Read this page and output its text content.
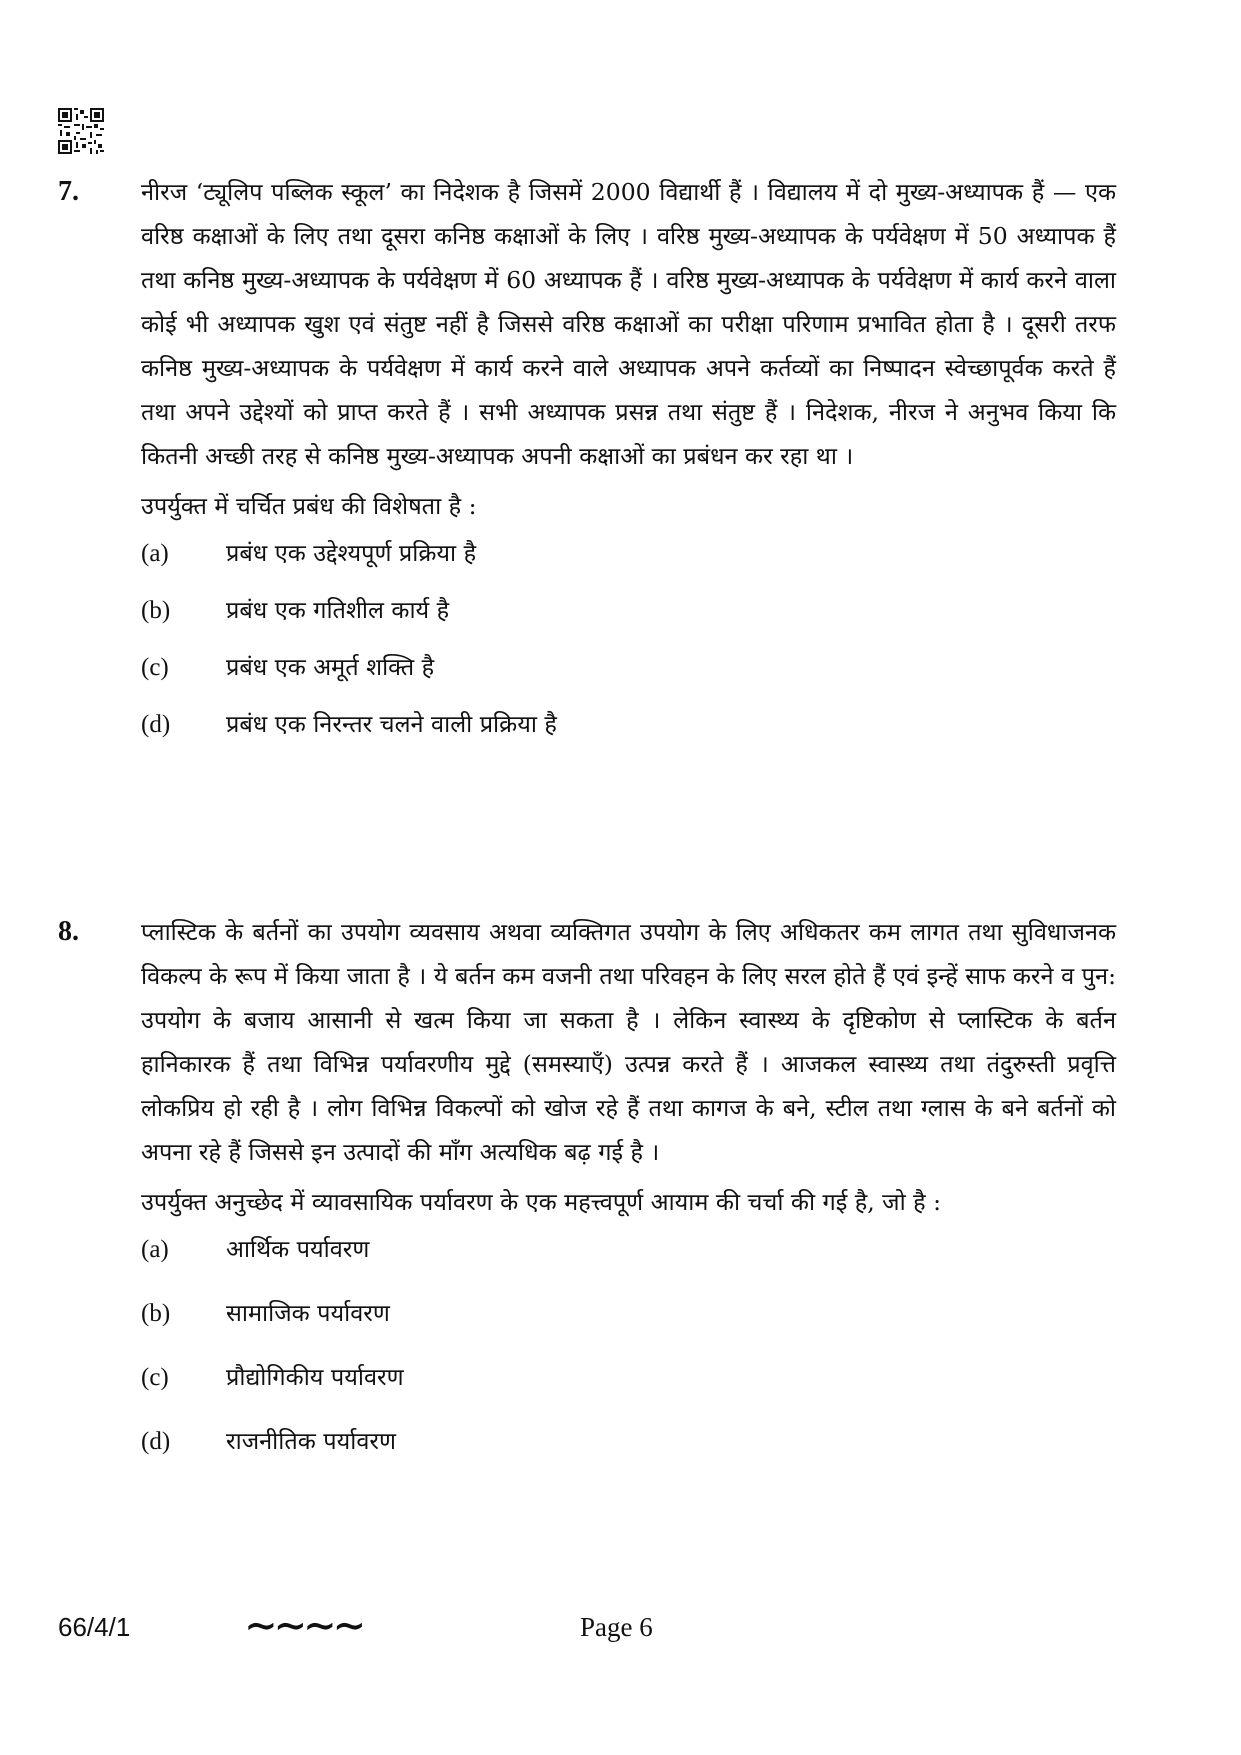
7.	नीरज ‘ट्यूलिप पब्लिक स्कूल’ का निदेशक है जिसमें 2000 विद्यार्थी हैं । विद्यालय में दो मुख्य-अध्यापक हैं — एक वरिष्ठ कक्षाओं के लिए तथा दूसरा कनिष्ठ कक्षाओं के लिए । वरिष्ठ मुख्य-अध्यापक के पर्यवेक्षण में 50 अध्यापक हैं तथा कनिष्ठ मुख्य-अध्यापक के पर्यवेक्षण में 60 अध्यापक हैं । वरिष्ठ मुख्य-अध्यापक के पर्यवेक्षण में कार्य करने वाला कोई भी अध्यापक खुश एवं संतुष्ट नहीं है जिससे वरिष्ठ कक्षाओं का परीक्षा परिणाम प्रभावित होता है । दूसरी तरफ कनिष्ठ मुख्य-अध्यापक के पर्यवेक्षण में कार्य करने वाले अध्यापक अपने कर्तव्यों का निष्पादन स्वेच्छापूर्वक करते हैं तथा अपने उद्देश्यों को प्राप्त करते हैं । सभी अध्यापक प्रसन्न तथा संतुष्ट हैं । निदेशक, नीरज ने अनुभव किया कि कितनी अच्छी तरह से कनिष्ठ मुख्य-अध्यापक अपनी कक्षाओं का प्रबंधन कर रहा था ।

उपर्युक्त में चर्चित प्रबंध की विशेषता है :

(a)	प्रबंध एक उद्देश्यपूर्ण प्रक्रिया है
(b)	प्रबंध एक गतिशील कार्य है
(c)	प्रबंध एक अमूर्त शक्ति है
(d)	प्रबंध एक निरन्तर चलने वाली प्रक्रिया है
8.	प्लास्टिक के बर्तनों का उपयोग व्यवसाय अथवा व्यक्तिगत उपयोग के लिए अधिकतर कम लागत तथा सुविधाजनक विकल्प के रूप में किया जाता है । ये बर्तन कम वजनी तथा परिवहन के लिए सरल होते हैं एवं इन्हें साफ करने व पुन: उपयोग के बजाय आसानी से खत्म किया जा सकता है । लेकिन स्वास्थ्य के दृष्टिकोण से प्लास्टिक के बर्तन हानिकारक हैं तथा विभिन्न पर्यावरणीय मुद्दे (समस्याएँ) उत्पन्न करते हैं । आजकल स्वास्थ्य तथा तंदुरुस्ती प्रवृत्ति लोकप्रिय हो रही है । लोग विभिन्न विकल्पों को खोज रहे हैं तथा कागज के बने, स्टील तथा ग्लास के बने बर्तनों को अपना रहे हैं जिससे इन उत्पादों की माँग अत्यधिक बढ़ गई है ।

उपर्युक्त अनुच्छेद में व्यावसायिक पर्यावरण के एक महत्त्वपूर्ण आयाम की चर्चा की गई है, जो है :

(a)	आर्थिक पर्यावरण
(b)	सामाजिक पर्यावरण
(c)	प्रौद्योगिकीय पर्यावरण
(d)	राजनीतिक पर्यावरण
66/4/1	∼∼∼∼	Page 6
